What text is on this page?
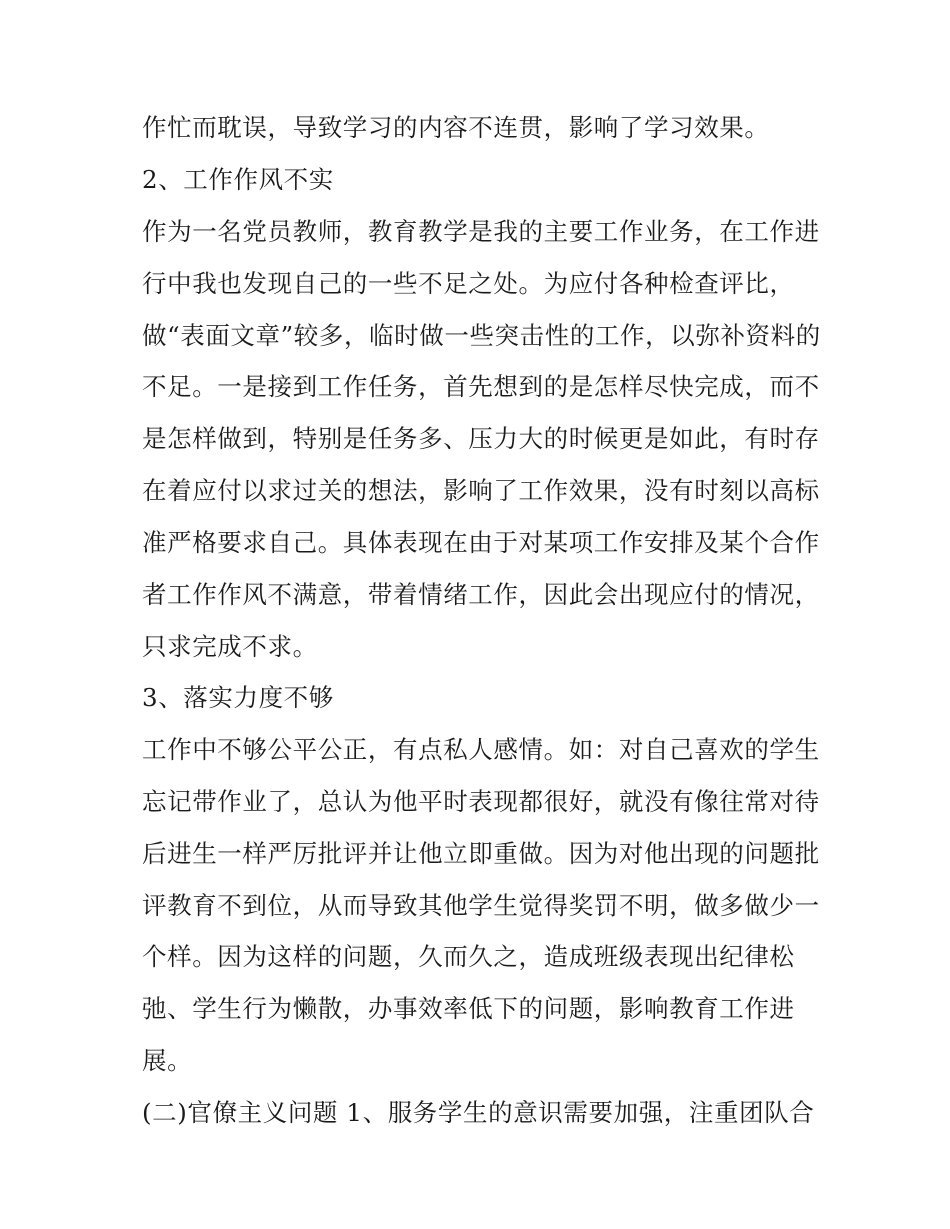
作忙而耽误，导致学习的内容不连贯，影响了学习效果。
2、工作作风不实
作为一名党员教师，教育教学是我的主要工作业务，在工作进
行中我也发现自己的一些不足之处。为应付各种检查评比，
做“表面文章”较多，临时做一些突击性的工作，以弥补资料的
不足。一是接到工作任务，首先想到的是怎样尽快完成，而不
是怎样做到，特别是任务多、压力大的时候更是如此，有时存
在着应付以求过关的想法，影响了工作效果，没有时刻以高标
准严格要求自己。具体表现在由于对某项工作安排及某个合作
者工作作风不满意，带着情绪工作，因此会出现应付的情况，
只求完成不求。
3、落实力度不够
工作中不够公平公正，有点私人感情。如：对自己喜欢的学生
忘记带作业了，总认为他平时表现都很好，就没有像往常对待
后进生一样严厉批评并让他立即重做。因为对他出现的问题批
评教育不到位，从而导致其他学生觉得奖罚不明，做多做少一
个样。因为这样的问题，久而久之，造成班级表现出纪律松
弛、学生行为懒散，办事效率低下的问题，影响教育工作进
展。
(二)官僚主义问题 1、服务学生的意识需要加强，注重团队合
